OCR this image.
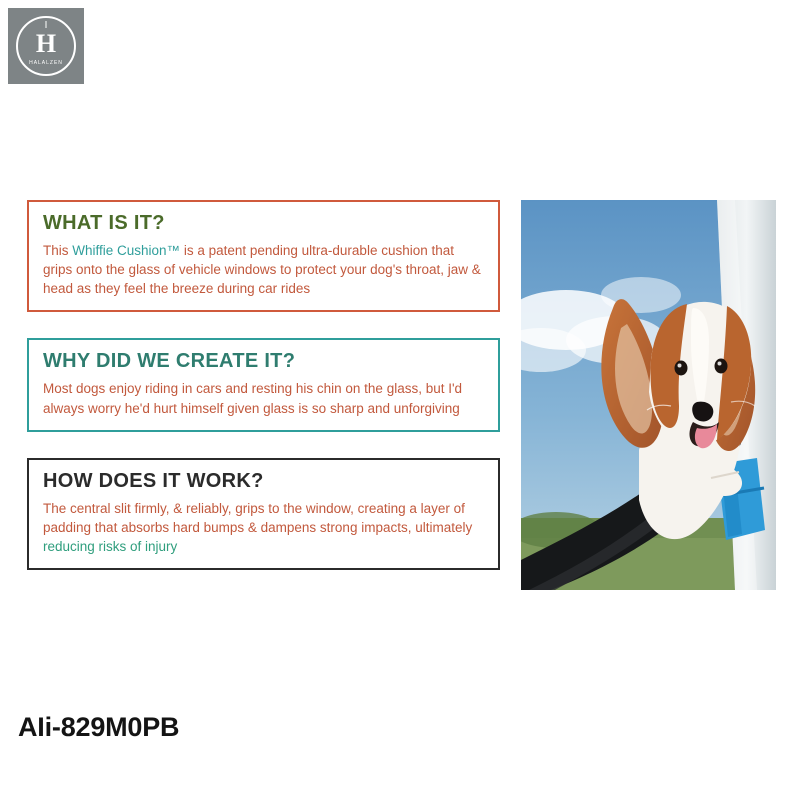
H
HALALZEN
WHAT IS IT?

This Whiffie Cushion™ is a patent pending ultra-durable cushion that grips onto the glass of vehicle windows to protect your dog's throat, jaw & head as they feel the breeze during car rides

WHY DID WE CREATE IT?

Most dogs enjoy riding in cars and resting his chin on the glass, but I'd always worry he'd hurt himself given glass is so sharp and unforgiving

HOW DOES IT WORK?

The central slit firmly, & reliably, grips to the window, creating a layer of padding that absorbs hard bumps & dampens strong impacts, ultimately reducing risks of injury

AIi-829M0PB
